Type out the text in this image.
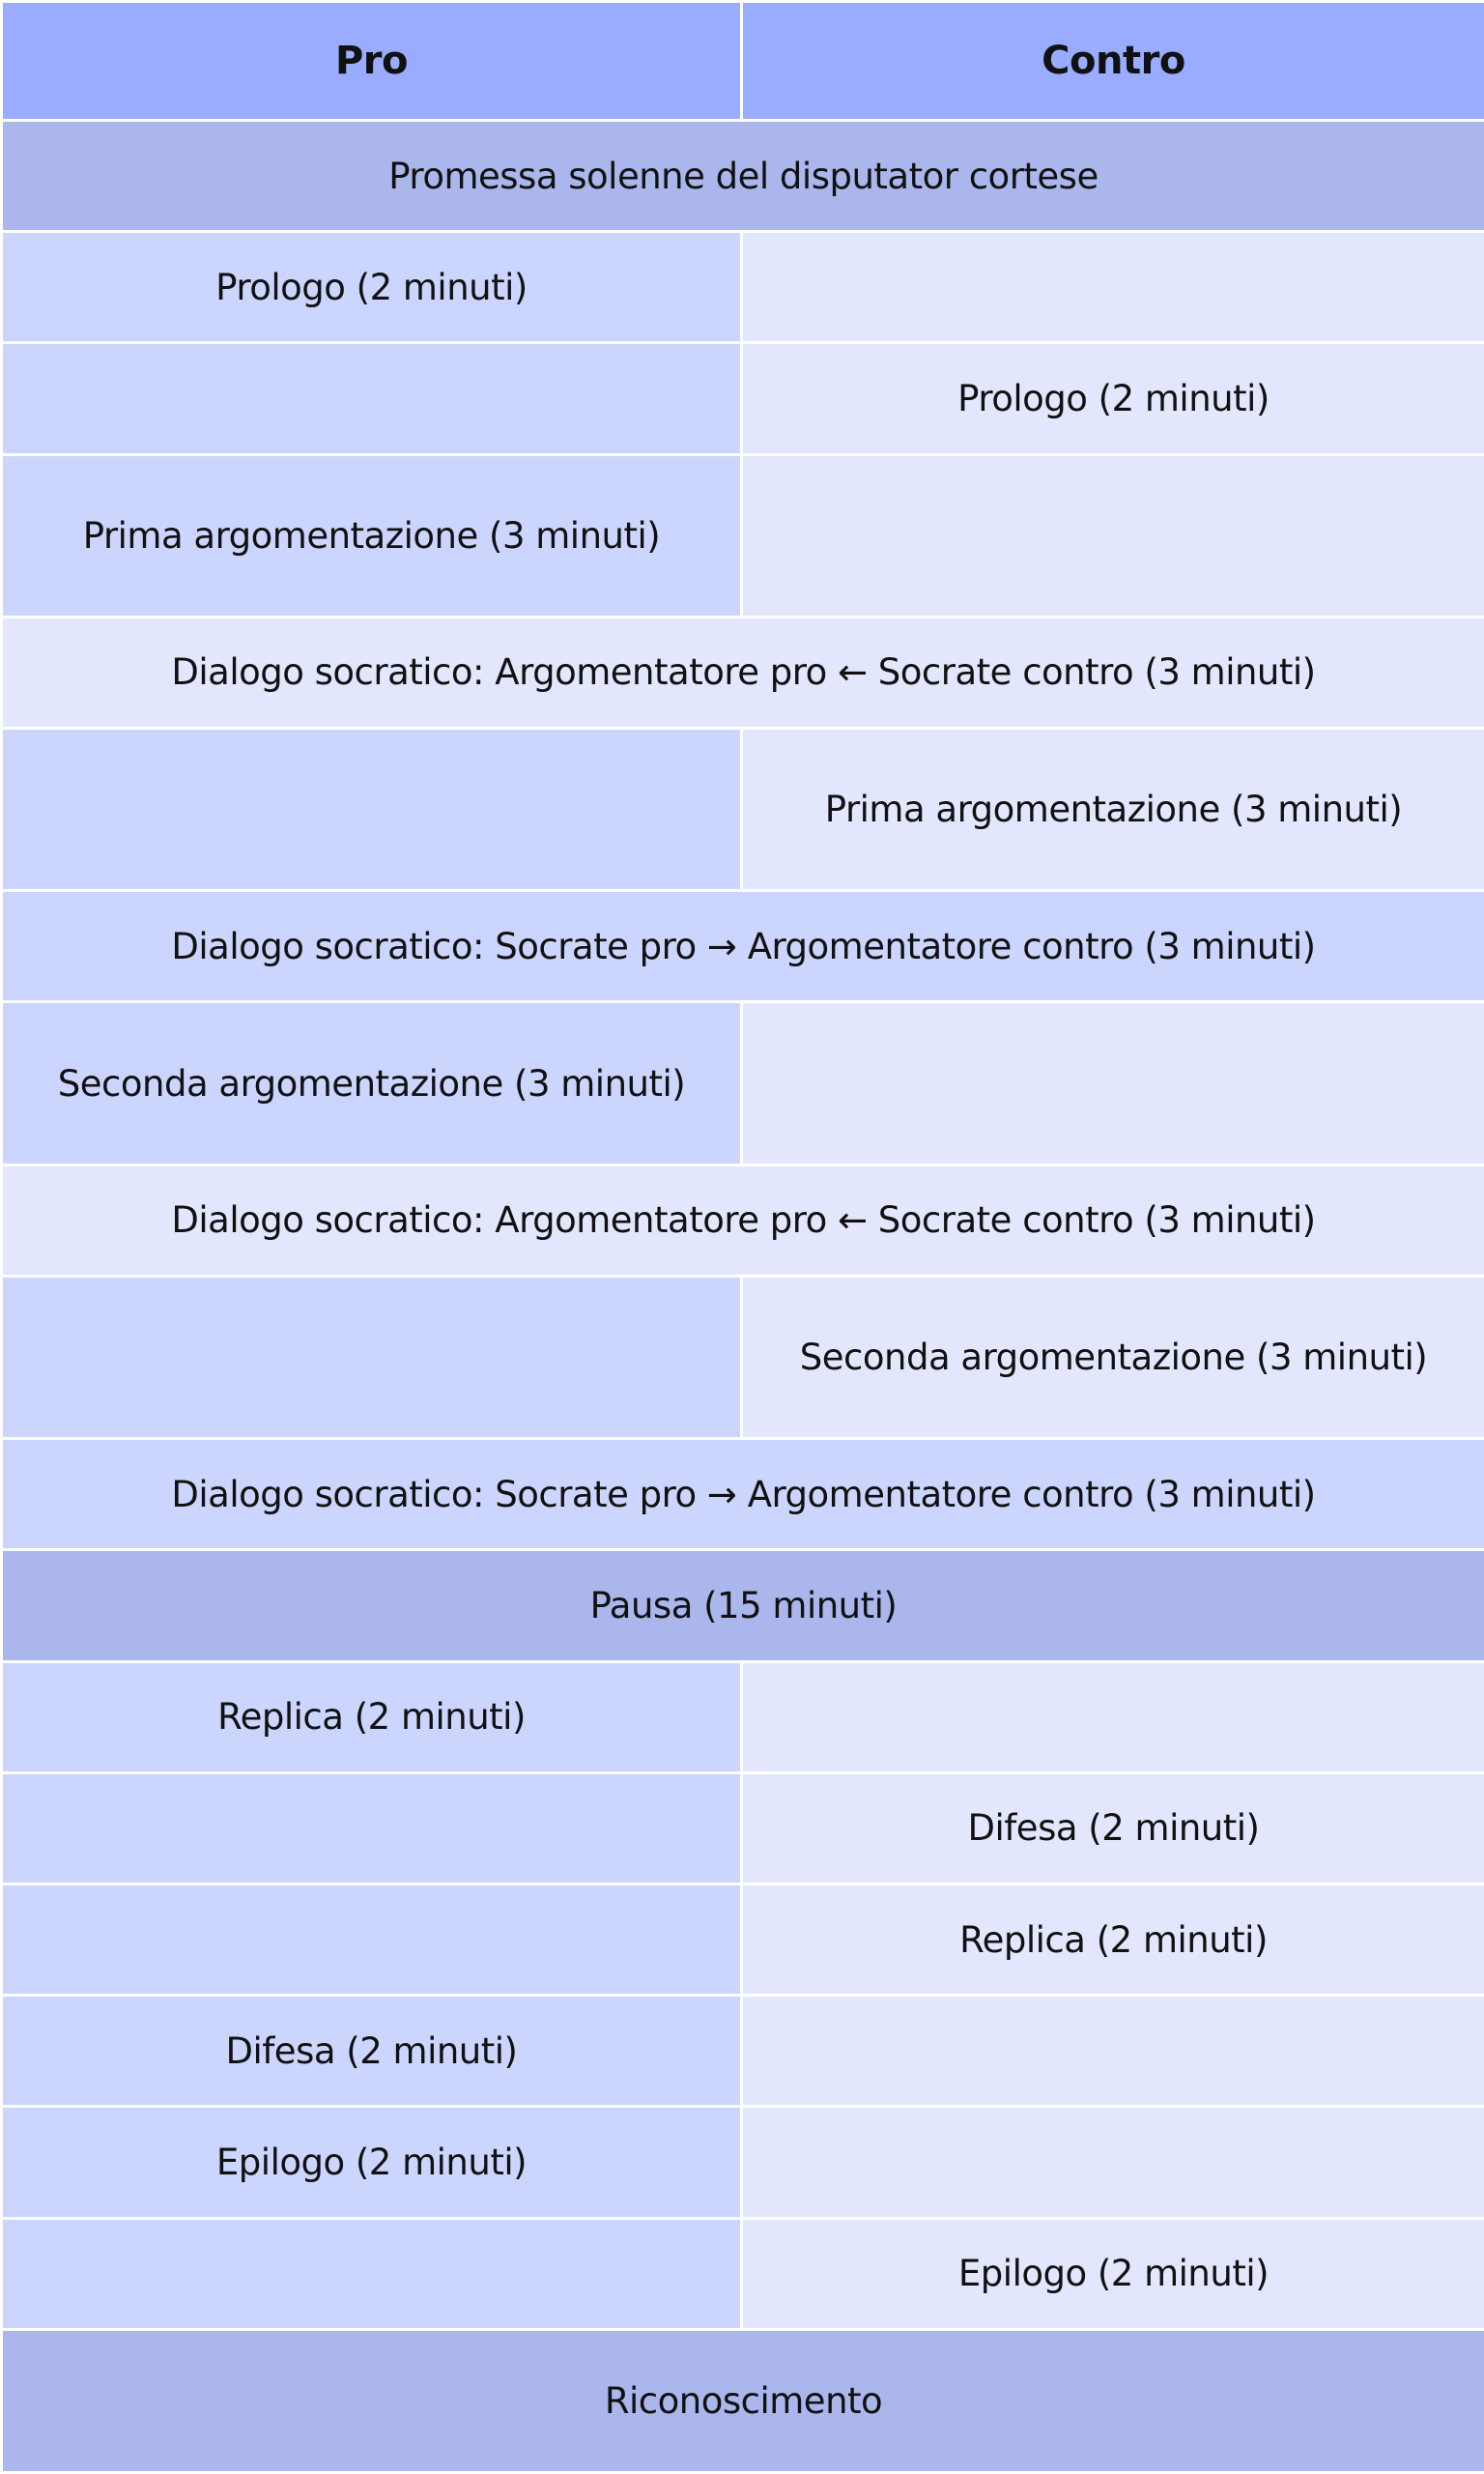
Pro	Contro
Promessa solenne del disputator cortese	
Prologo (2 minuti)	
	Prologo (2 minuti)
Prima argomentazione (3 minuti)	
Dialogo socratico: Argomentatore pro ← Socrate contro (3 minuti)	
	Prima argomentazione (3 minuti)
Dialogo socratico: Socrate pro → Argomentatore contro (3 minuti)	
Seconda argomentazione (3 minuti)	
Dialogo socratico: Argomentatore pro ← Socrate contro (3 minuti)	
	Seconda argomentazione (3 minuti)
Dialogo socratico: Socrate pro → Argomentatore contro (3 minuti)	
Pausa (15 minuti)	
Replica (2 minuti)	
	Difesa (2 minuti)
	Replica (2 minuti)
Difesa (2 minuti)	
Epilogo (2 minuti)	
	Epilogo (2 minuti)
Riconoscimento	
